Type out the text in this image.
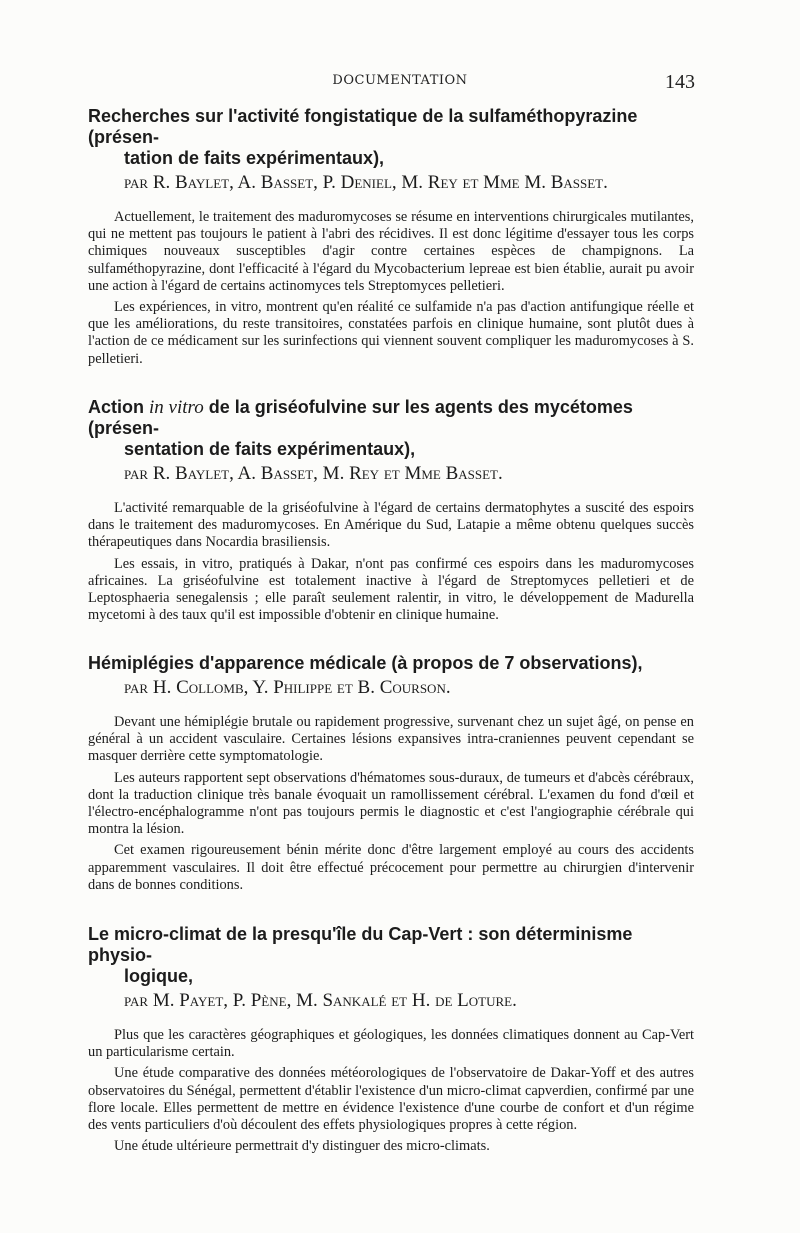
DOCUMENTATION	143
Recherches sur l'activité fongistatique de la sulfaméthopyrazine (présen-
tation de faits expérimentaux),
par R. Baylet, A. Basset, P. Deniel, M. Rey et Mme M. Basset.

Actuellement, le traitement des maduromycoses se résume en interventions chirurgicales mutilantes, qui ne mettent pas toujours le patient à l'abri des récidives. Il est donc légitime d'essayer tous les corps chimiques nouveaux susceptibles d'agir contre certaines espèces de champignons. La sulfaméthopyrazine, dont l'efficacité à l'égard du Mycobacterium lepreae est bien établie, aurait pu avoir une action à l'égard de certains actinomyces tels Streptomyces pelletieri.

Les expériences, in vitro, montrent qu'en réalité ce sulfamide n'a pas d'action antifungique réelle et que les améliorations, du reste transitoires, constatées parfois en clinique humaine, sont plutôt dues à l'action de ce médicament sur les surinfections qui viennent souvent compliquer les maduromycoses à S. pelletieri.

Action in vitro de la griséofulvine sur les agents des mycétomes (présen-
sentation de faits expérimentaux),
par R. Baylet, A. Basset, M. Rey et Mme Basset.

L'activité remarquable de la griséofulvine à l'égard de certains dermatophytes a suscité des espoirs dans le traitement des maduromycoses. En Amérique du Sud, Latapie a même obtenu quelques succès thérapeutiques dans Nocardia brasiliensis.

Les essais, in vitro, pratiqués à Dakar, n'ont pas confirmé ces espoirs dans les maduromycoses africaines. La griséofulvine est totalement inactive à l'égard de Streptomyces pelletieri et de Leptosphaeria senegalensis ; elle paraît seulement ralentir, in vitro, le développement de Madurella mycetomi à des taux qu'il est impossible d'obtenir en clinique humaine.

Hémiplégies d'apparence médicale (à propos de 7 observations),
par H. Collomb, Y. Philippe et B. Courson.

Devant une hémiplégie brutale ou rapidement progressive, survenant chez un sujet âgé, on pense en général à un accident vasculaire. Certaines lésions expansives intra-craniennes peuvent cependant se masquer derrière cette symptomatologie.

Les auteurs rapportent sept observations d'hématomes sous-duraux, de tumeurs et d'abcès cérébraux, dont la traduction clinique très banale évoquait un ramollissement cérébral. L'examen du fond d'œil et l'électro-encéphalogramme n'ont pas toujours permis le diagnostic et c'est l'angiographie cérébrale qui montra la lésion.

Cet examen rigoureusement bénin mérite donc d'être largement employé au cours des accidents apparemment vasculaires. Il doit être effectué précocement pour permettre au chirurgien d'intervenir dans de bonnes conditions.

Le micro-climat de la presqu'île du Cap-Vert : son déterminisme physio-
logique,
par M. Payet, P. Pène, M. Sankalé et H. de Loture.

Plus que les caractères géographiques et géologiques, les données climatiques donnent au Cap-Vert un particularisme certain.

Une étude comparative des données météorologiques de l'observatoire de Dakar-Yoff et des autres observatoires du Sénégal, permettent d'établir l'existence d'un micro-climat capverdien, confirmé par une flore locale. Elles permettent de mettre en évidence l'existence d'une courbe de confort et d'un régime des vents particuliers d'où découlent des effets physiologiques propres à cette région.

Une étude ultérieure permettrait d'y distinguer des micro-climats.
